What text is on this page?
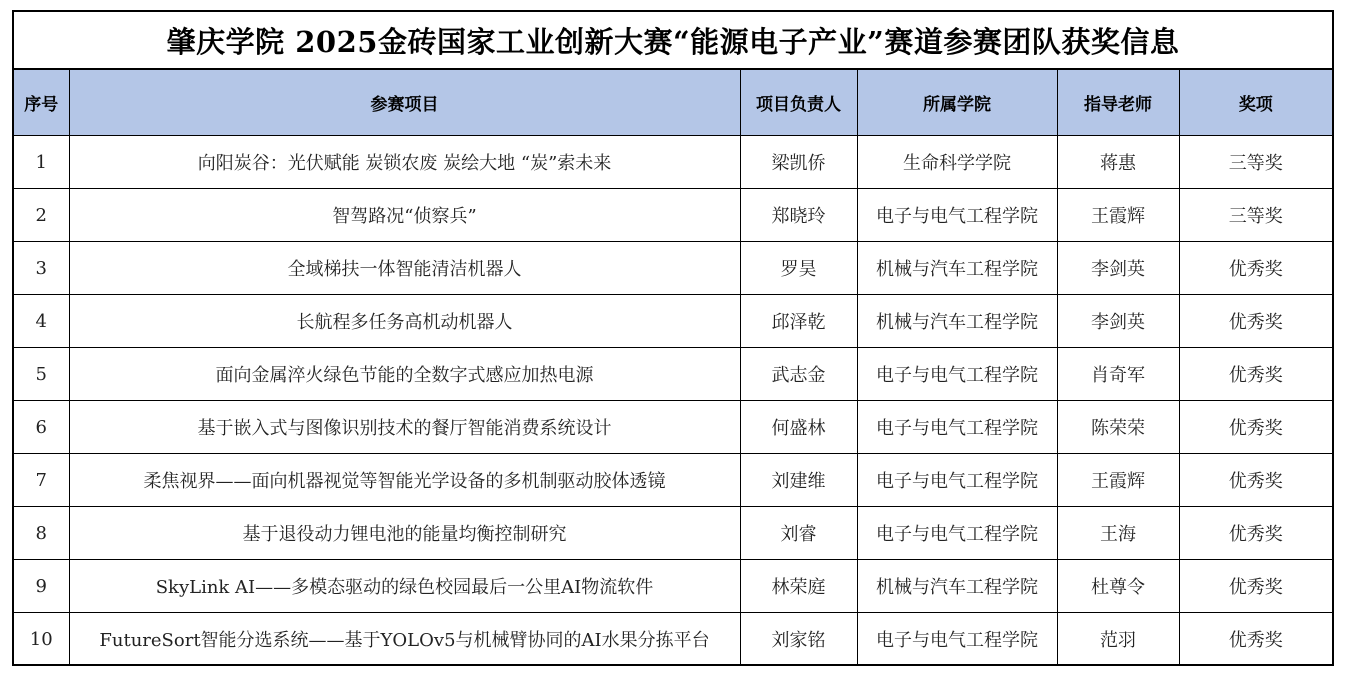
肇庆学院 2025金砖国家工业创新大赛“能源电子产业”赛道参赛团队获奖信息
序号	参赛项目	项目负责人	所属学院	指导老师	奖项
1	向阳炭谷：光伏赋能 炭锁农废 炭绘大地 “炭”索未来	梁凯侨	生命科学学院	蒋惠	三等奖
2	智驾路况“侦察兵”	郑晓玲	电子与电气工程学院	王霞辉	三等奖
3	全域梯扶一体智能清洁机器人	罗昊	机械与汽车工程学院	李剑英	优秀奖
4	长航程多任务高机动机器人	邱泽乾	机械与汽车工程学院	李剑英	优秀奖
5	面向金属淬火绿色节能的全数字式感应加热电源	武志金	电子与电气工程学院	肖奇军	优秀奖
6	基于嵌入式与图像识别技术的餐厅智能消费系统设计	何盛林	电子与电气工程学院	陈荣荣	优秀奖
7	柔焦视界——面向机器视觉等智能光学设备的多机制驱动胶体透镜	刘建维	电子与电气工程学院	王霞辉	优秀奖
8	基于退役动力锂电池的能量均衡控制研究	刘睿	电子与电气工程学院	王海	优秀奖
9	SkyLink AI——多模态驱动的绿色校园最后一公里AI物流软件	林荣庭	机械与汽车工程学院	杜尊令	优秀奖
10	FutureSort智能分选系统——基于YOLOv5与机械臂协同的AI水果分拣平台	刘家铭	电子与电气工程学院	范羽	优秀奖
